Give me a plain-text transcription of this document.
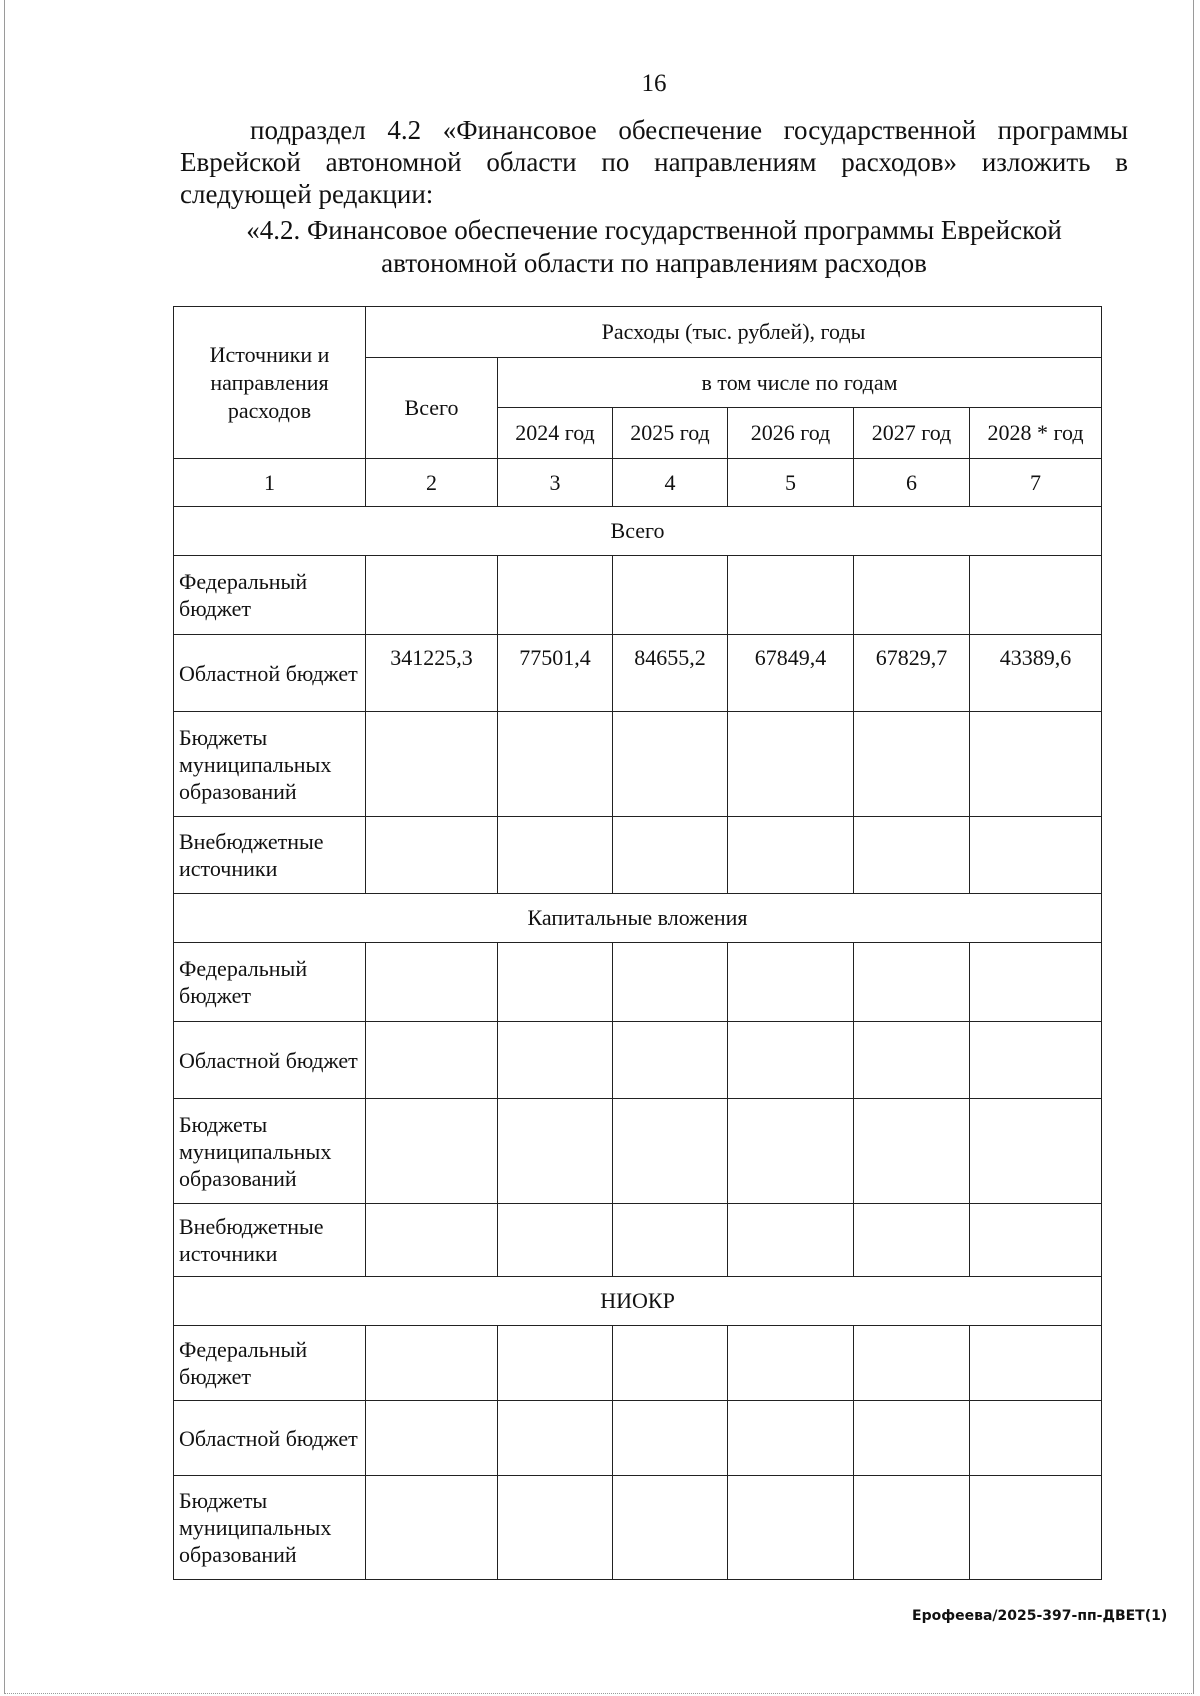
16

подраздел 4.2 «Финансовое обеспечение государственной программы Еврейской автономной области по направлениям расходов» изложить в следующей редакции:

«4.2. Финансовое обеспечение государственной программы Еврейской
автономной области по направлениям расходов
Источники и направления расходов	Расходы (тыс. рублей), годы					
	Всего	в том числе по годам				
		2024 год	2025 год	2026 год	2027 год	2028 * год
1	2	3	4	5	6	7
Всего						
Федеральный бюджет						
Областной бюджет	341225,3	77501,4	84655,2	67849,4	67829,7	43389,6
Бюджеты муниципальных образований						
Внебюджетные источники						
Капитальные вложения						
Федеральный бюджет						
Областной бюджет						
Бюджеты муниципальных образований						
Внебюджетные источники						
НИОКР						
Федеральный бюджет						
Областной бюджет						
Бюджеты муниципальных образований						
Ерофеева/2025-397-пп-ДВЕТ(1)
